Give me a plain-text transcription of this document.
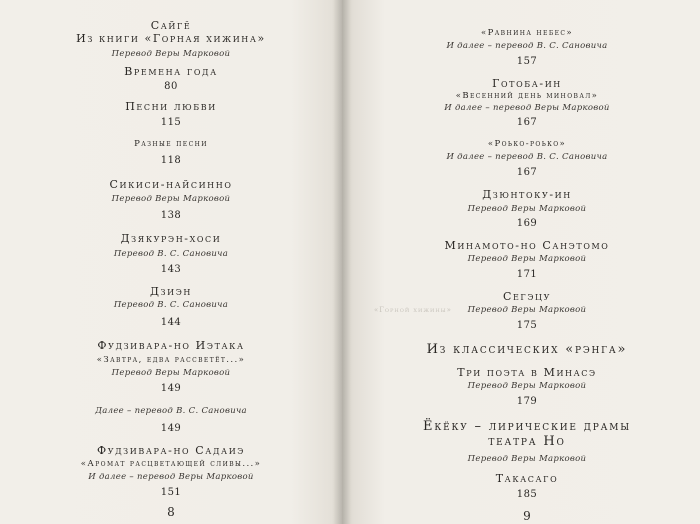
Сайгё
Из книги «Горная хижина»
Перевод Веры Марковой
Времена года
80
Песни любви
115
Разные песни
118
Сикиси-найсинно
Перевод Веры Марковой
138
Дзякурэн-хоси
Перевод В. С. Сановича
143
Дзиэн
Перевод В. С. Сановича
144
Фудзивара-но Иэтака
«Завтра, едва рассветёт...»
Перевод Веры Марковой
149
Далее – перевод В. С. Сановича
149
Фудзивара-но Садаиэ
«Аромат расцветающей сливы...»
И далее – перевод Веры Марковой
151
8
«Горной хижины»
«Равнина небес»
И далее – перевод В. С. Сановича
157
Готоба-ин
«Весенний день миновал»
И далее – перевод Веры Марковой
167
«Роько-роько»
И далее – перевод В. С. Сановича
167
Дзюнтоку-ин
Перевод Веры Марковой
169
Минамото-но Санэтомо
Перевод Веры Марковой
171
Сегэцу
Перевод Веры Марковой
175
Из классических «рэнга»
Три поэта в Минасэ
Перевод Веры Марковой
179
Ёкёку – лирические драмы
театра Но
Перевод Веры Марковой
Такасаго
185
9
